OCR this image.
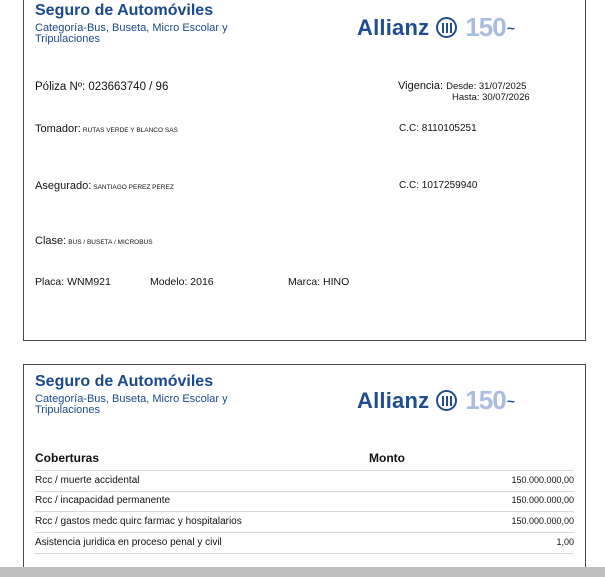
Seguro de Automóviles
Categoría-Bus, Buseta, Micro Escolar y Tripulaciones	Allianz 150 ~
Póliza Nº: 023663740 / 96	Vigencia: Desde: 31/07/2025
Hasta: 30/07/2026
Tomador: RUTAS VERDE Y BLANCO SAS	C.C: 8110105251
Asegurado: SANTIAGO PEREZ PEREZ	C.C: 1017259940
Clase: BUS / BUSETA / MICROBUS
Placa: WNM921	Modelo: 2016	Marca: HINO
Seguro de Automóviles
Categoría-Bus, Buseta, Micro Escolar y Tripulaciones	Allianz 150 ~
Coberturas	Monto
Rcc / muerte accidental	150.000.000,00
Rcc / incapacidad permanente	150.000.000,00
Rcc / gastos medc quirc farmac y hospitalarios	150.000.000,00
Asistencia juridica en proceso penal y civil	1,00
